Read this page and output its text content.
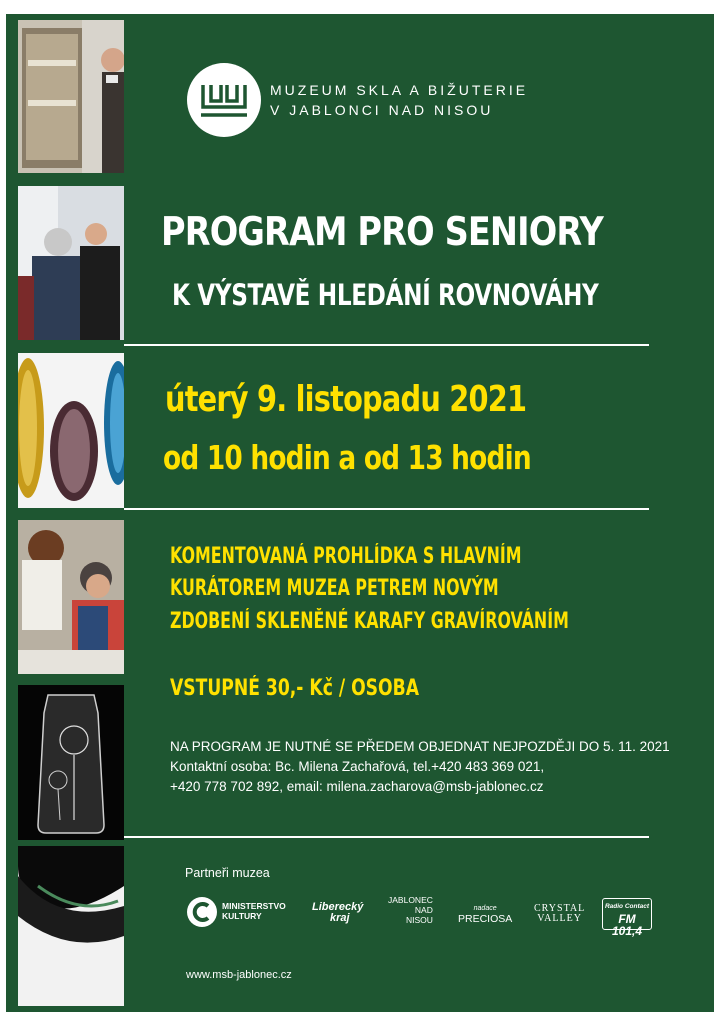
MUZEUM SKLA A BIŽUTERIE
V JABLONCI NAD NISOU
PROGRAM PRO SENIORY
K VÝSTAVĚ HLEDÁNÍ ROVNOVÁHY
úterý 9. listopadu 2021
od 10 hodin a od 13 hodin
KOMENTOVANÁ PROHLÍDKA S HLAVNÍM
KURÁTOREM MUZEA PETREM NOVÝM
ZDOBENÍ SKLENĚNÉ KARAFY GRAVÍROVÁNÍM
VSTUPNÉ 30,- Kč / OSOBA
NA PROGRAM JE NUTNÉ SE PŘEDEM OBJEDNAT NEJPOZDĚJI DO 5. 11. 2021
Kontaktní osoba: Bc. Milena Zachařová, tel.+420 483 369 021,
+420 778 702 892, email: milena.zacharova@msb-jablonec.cz
Partneři muzea
MINISTERSTVO
KULTURY
Liberecký
kraj
JABLONEC
NAD
NISOU
nadace
PRECIOSA
CRYSTAL
VALLEY
Radio Contact
FM 101,4
www.msb-jablonec.cz
